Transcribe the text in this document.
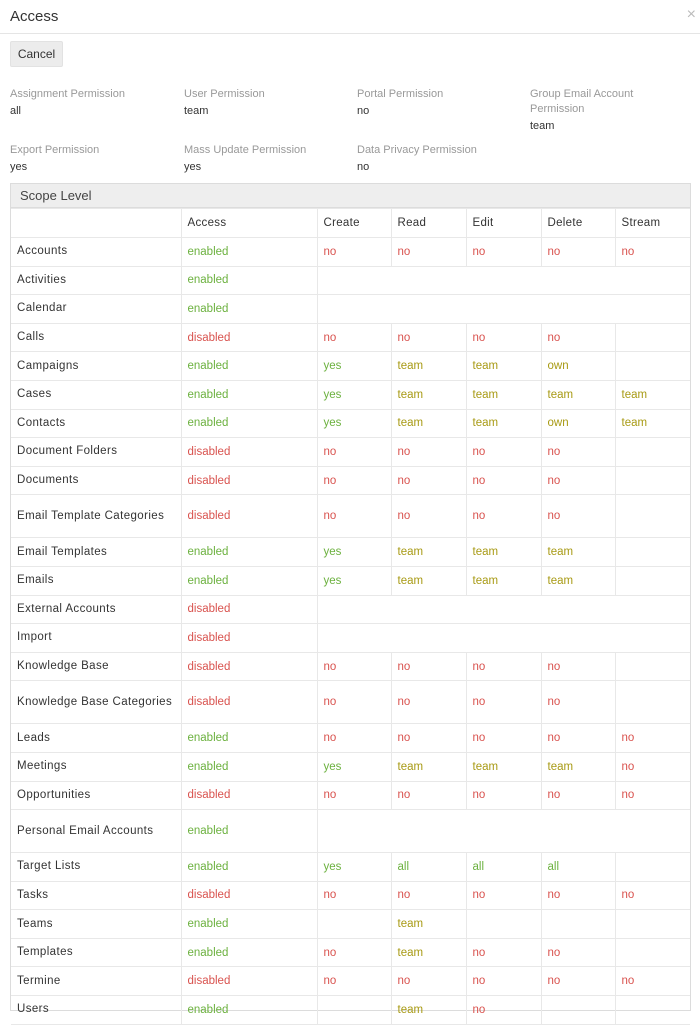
Access	×
Cancel
Assignment Permission
all
User Permission
team
Portal Permission
no
Group Email Account Permission
team
Export Permission
yes
Mass Update Permission
yes
Data Privacy Permission
no
Scope Level
	Access	Create	Read	Edit	Delete	Stream
Accounts	enabled	no	no	no	no	no
Activities	enabled					
Calendar	enabled					
Calls	disabled	no	no	no	no	
Campaigns	enabled	yes	team	team	own	
Cases	enabled	yes	team	team	team	team
Contacts	enabled	yes	team	team	own	team
Document Folders	disabled	no	no	no	no	
Documents	disabled	no	no	no	no	
Email Template Categories	disabled	no	no	no	no	
Email Templates	enabled	yes	team	team	team	
Emails	enabled	yes	team	team	team	
External Accounts	disabled					
Import	disabled					
Knowledge Base	disabled	no	no	no	no	
Knowledge Base Categories	disabled	no	no	no	no	
Leads	enabled	no	no	no	no	no
Meetings	enabled	yes	team	team	team	no
Opportunities	disabled	no	no	no	no	no
Personal Email Accounts	enabled					
Target Lists	enabled	yes	all	all	all	
Tasks	disabled	no	no	no	no	no
Teams	enabled		team			
Templates	enabled	no	team	no	no	
Termine	disabled	no	no	no	no	no
Users	enabled		team	no		
